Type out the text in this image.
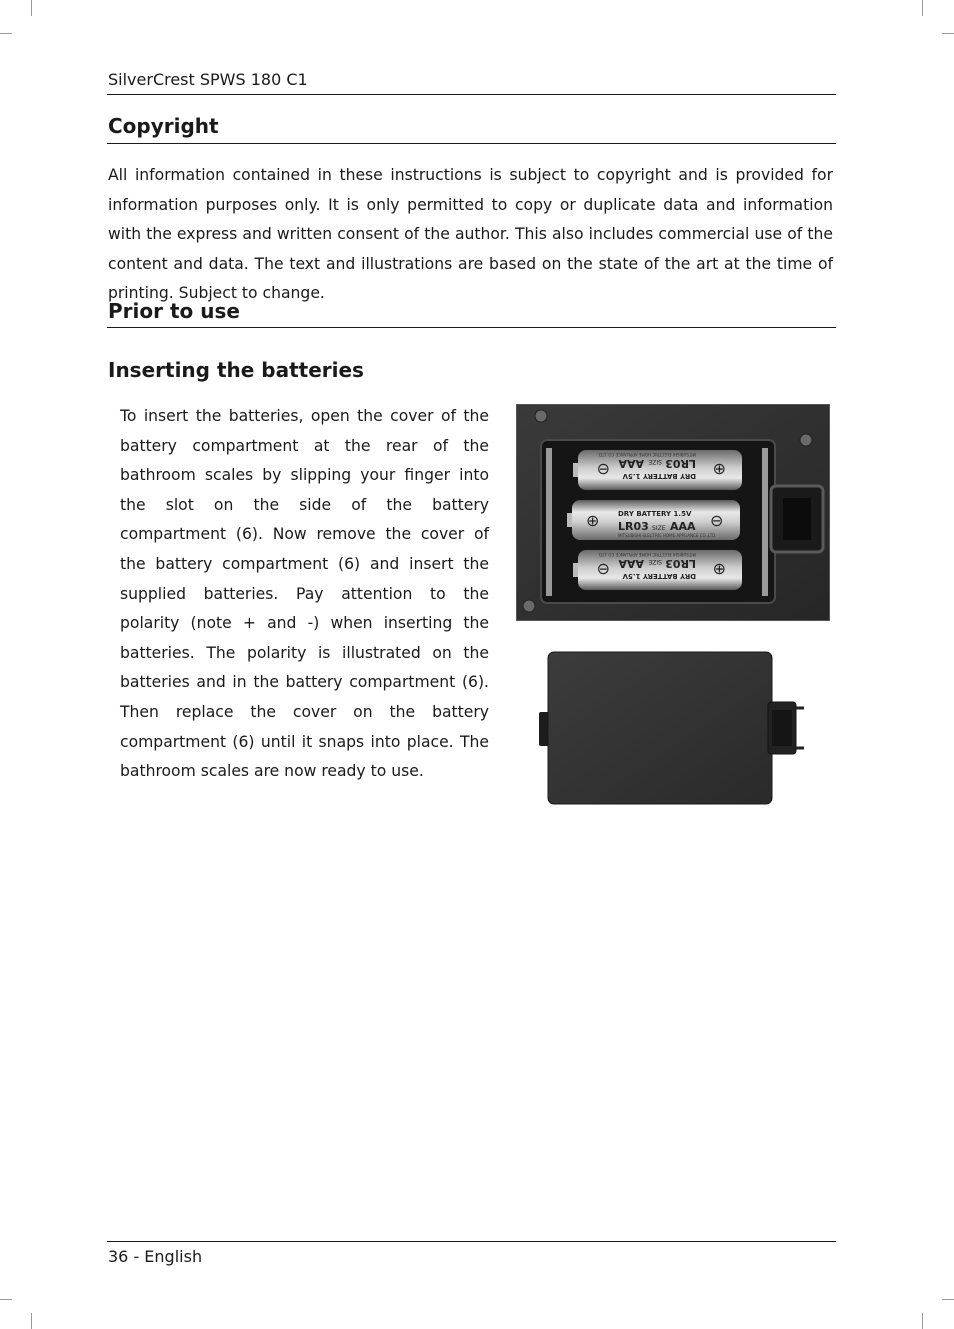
SilverCrest SPWS 180 C1
Copyright

All information contained in these instructions is subject to copyright and is provided for information purposes only. It is only permitted to copy or duplicate data and information with the express and written consent of the author. This also includes commercial use of the content and data. The text and illustrations are based on the state of the art at the time of printing. Subject to change.

Prior to use
Inserting the batteries

To insert the batteries, open the cover of the battery compartment at the rear of the bathroom scales by slipping your finger into the slot on the side of the battery compartment (6). Now remove the cover of the battery compartment (6) and insert the supplied batteries. Pay attention to the polarity (note + and -) when inserting the batteries. The polarity is illustrated on the batteries and in the battery compartment (6). Then replace the cover on the battery compartment (6) until it snaps into place. The bathroom scales are now ready to use.

⊕
DRY BATTERY 1.5V
LR03
SIZE
AAA
MITSUBISHI ELECTRIC HOME APPLIANCE CO.,LTD.
⊖
⊕	DRY BATTERY 1.5V
LR03 SIZE AAA
MITSUBISHI ELECTRIC HOME APPLIANCE CO.,LTD.
⊖
⊕
DRY BATTERY 1.5V
LR03
SIZE
AAA
MITSUBISHI ELECTRIC HOME APPLIANCE CO.,LTD.
⊖
36 - English
